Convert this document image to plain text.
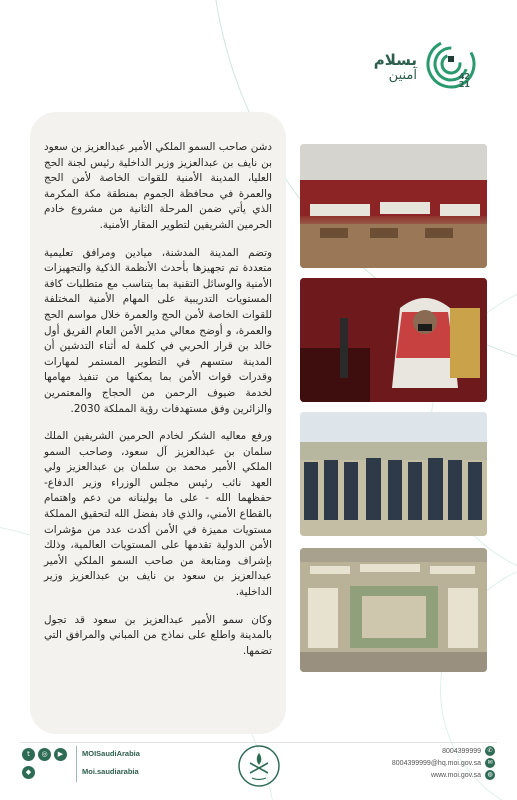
42
21
بسلام
آمنين

دشن صاحب السمو الملكي الأمير عبدالعزيز بن سعود بن نايف بن عبدالعزيز وزير الداخلية رئيس لجنة الحج العليا، المدينة الأمنية للقوات الخاصة لأمن الحج والعمرة في محافظة الجموم بمنطقة مكة المكرمة الذي يأتي ضمن المرحلة الثانية من مشروع خادم الحرمين الشريفين لتطوير المقار الأمنية.

وتضم المدينة المدشنة، ميادين ومرافق تعليمية متعددة تم تجهيزها بأحدث الأنظمة الذكية والتجهيزات الأمنية والوسائل التقنية بما يتناسب مع متطلبات كافة المستويات التدريبية على المهام الأمنية المختلفة للقوات الخاصة لأمن الحج والعمرة خلال مواسم الحج والعمرة، و أوضح معالي مدير الأمن العام الفريق أول خالد بن قرار الحربي في كلمة له أثناء التدشين أن المدينة ستسهم في التطوير المستمر لمهارات وقدرات قوات الأمن بما يمكنها من تنفيذ مهامها لخدمة ضيوف الرحمن من الحجاج والمعتمرين والزائرين وفق مستهدفات رؤية المملكة 2030.

ورفع معاليه الشكر لخادم الحرمين الشريفين الملك سلمان بن عبدالعزيز آل سعود، وصاحب السمو الملكي الأمير محمد بن سلمان بن عبدالعزيز ولي العهد نائب رئيس مجلس الوزراء وزير الدفاع- حفظهما الله - على ما يولينانه من دعم واهتمام بالقطاع الأمني، والذي قاد بفضل الله لتحقيق المملكة مستويات مميزة في الأمن أكدت عدد من مؤشرات الأمن الدولية تقدمها على المستويات العالمية، وذلك بإشراف ومتابعة من صاحب السمو الملكي الأمير عبدالعزيز بن سعود بن نايف بن عبدالعزيز وزير الداخلية.

وكان سمو الأمير عبدالعزيز بن سعود قد تجول بالمدينة واطلع على نماذج من المباني والمرافق التي تضمها.

t	◎	▶
◆
MOISaudiArabia
Moi.saudiarabia
8004399999	✆
8004399999@hq.moi.gov.sa	✉
www.moi.gov.sa	◍
